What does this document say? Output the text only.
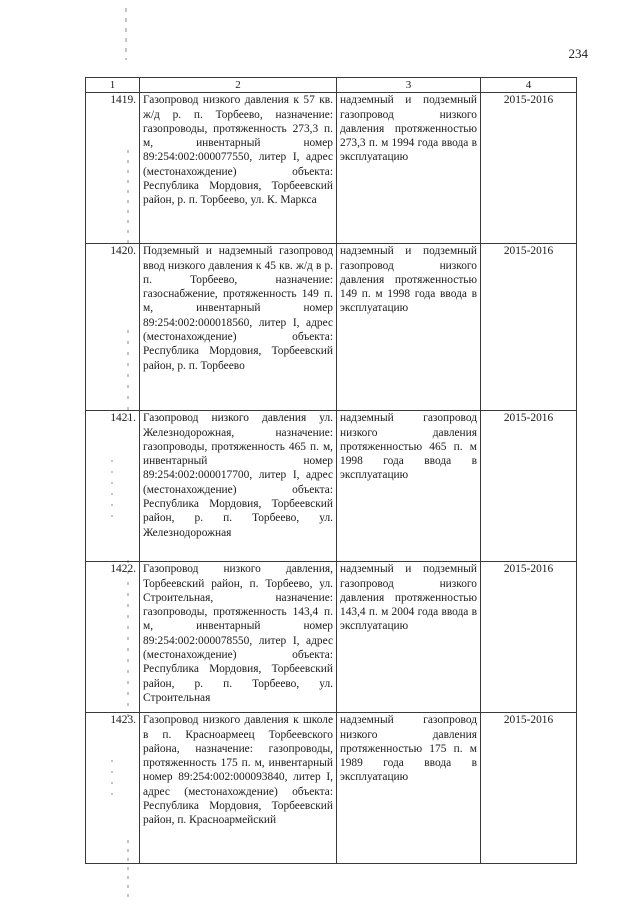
234
1	2	3	4
1419.	Газопровод низкого давления к 57 кв. ж/д р. п. Торбеево, назначение: газопроводы, протяженность 273,3 п. м, инвентарный номер 89:254:002:000077550, литер I, адрес (местонахождение) объекта: Республика Мордовия, Торбеевский район, р. п. Торбеево, ул. К. Маркса	надземный и подземный газопровод низкого давления протяженностью 273,3 п. м 1994 года ввода в эксплуатацию	2015-2016
1420.	Подземный и надземный газопровод ввод низкого давления к 45 кв. ж/д в р. п. Торбеево, назначение: газоснабжение, протяженность 149 п. м, инвентарный номер 89:254:002:000018560, литер I, адрес (местонахождение) объекта: Республика Мордовия, Торбеевский район, р. п. Торбеево	надземный и подземный газопровод низкого давления протяженностью 149 п. м 1998 года ввода в эксплуатацию	2015-2016
1421.	Газопровод низкого давления ул. Железнодорожная, назначение: газопроводы, протяженность 465 п. м, инвентарный номер 89:254:002:000017700, литер I, адрес (местонахождение) объекта: Республика Мордовия, Торбеевский район, р. п. Торбеево, ул. Железнодорожная	надземный газопровод низкого давления протяженностью 465 п. м 1998 года ввода в эксплуатацию	2015-2016
1422.	Газопровод низкого давления, Торбеевский район, п. Торбеево, ул. Строительная, назначение: газопроводы, протяженность 143,4 п. м, инвентарный номер 89:254:002:000078550, литер I, адрес (местонахождение) объекта: Республика Мордовия, Торбеевский район, р. п. Торбеево, ул. Строительная	надземный и подземный газопровод низкого давления протяженностью 143,4 п. м 2004 года ввода в эксплуатацию	2015-2016
1423.	Газопровод низкого давления к школе в п. Красноармеец Торбеевского района, назначение: газопроводы, протяженность 175 п. м, инвентарный номер 89:254:002:000093840, литер I, адрес (местонахождение) объекта: Республика Мордовия, Торбеевский район, п. Красноармейский	надземный газопровод низкого давления протяженностью 175 п. м 1989 года ввода в эксплуатацию	2015-2016
